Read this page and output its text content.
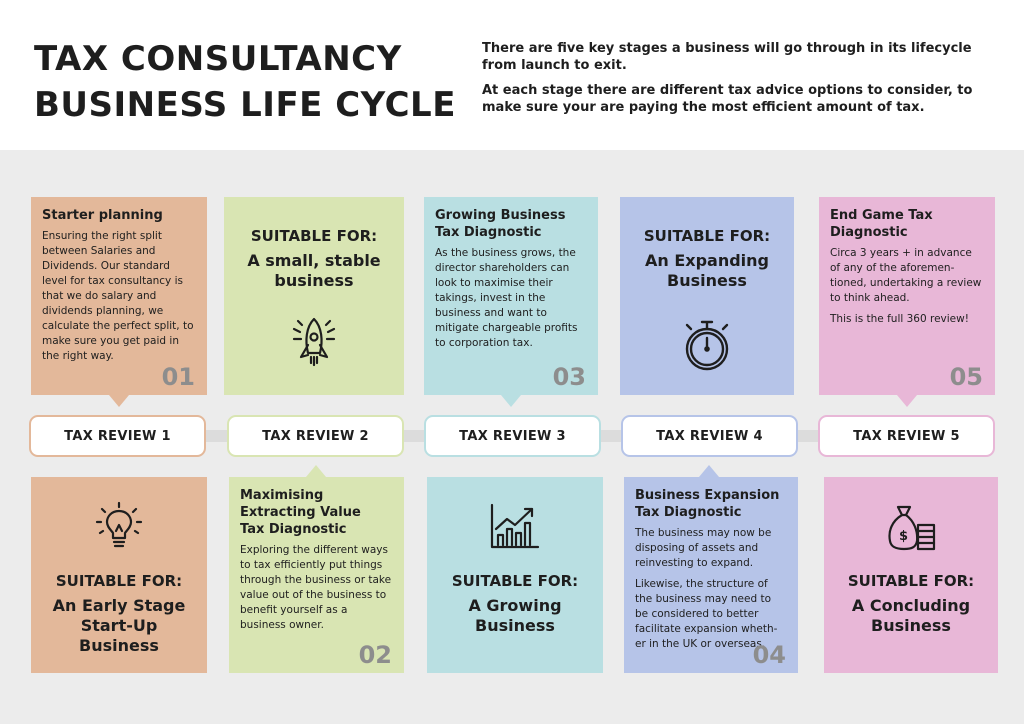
TAX CONSULTANCY
BUSINESS LIFE CYCLE

There are five key stages a business will go through in its lifecycle from launch to exit.

At each stage there are different tax advice options to consider, to make sure your are paying the most efficient amount of tax.

Starter planning

Ensuring the right split between Salaries and Dividends. Our standard level for tax consultancy is that we do salary and dividends planning, we calculate the perfect split, to make sure you get paid in the right way.

01
SUITABLE FOR:
A small, stable
business
Growing Business
Tax Diagnostic

As the business grows, the director shareholders can look to maximise their takings, invest in the business and want to mitigate chargeable profits to corporation tax.

03
SUITABLE FOR:
An Expanding
Business
End Game Tax
Diagnostic

Circa 3 years + in advance of any of the aforemen- tioned, undertaking a review to think ahead.

This is the full 360 review!

05
TAX REVIEW 1	TAX REVIEW 2	TAX REVIEW 3	TAX REVIEW 4	TAX REVIEW 5
SUITABLE FOR:
An Early Stage
Start-Up
Business
Maximising
Extracting Value
Tax Diagnostic

Exploring the different ways to tax efficiently put things through the business or take value out of the business to benefit yourself as a business owner.

02
SUITABLE FOR:
A Growing
Business
Business Expansion
Tax Diagnostic

The business may now be disposing of assets and reinvesting to expand.

Likewise, the structure of the business may need to be considered to better facilitate expansion wheth- er in the UK or overseas.

04
$
SUITABLE FOR:
A Concluding
Business
